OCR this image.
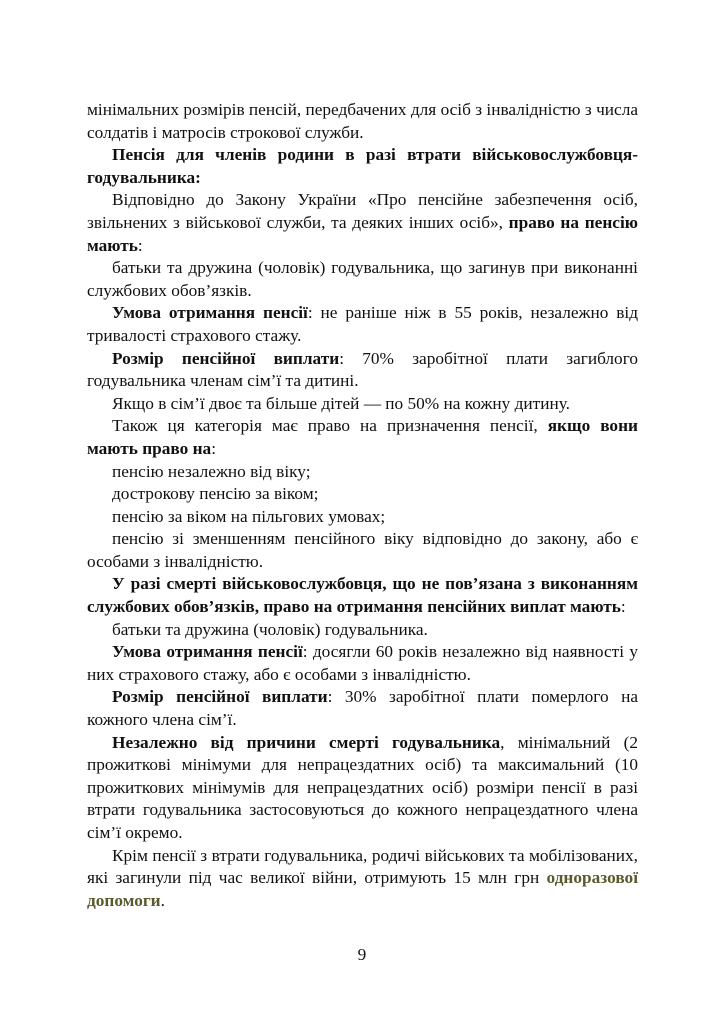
мінімальних розмірів пенсій, передбачених для осіб з інвалідністю з числа солдатів і матросів строкової служби.

Пенсія для членів родини в разі втрати військовослужбовця-годувальника:

Відповідно до Закону України «Про пенсійне забезпечення осіб, звільнених з військової служби, та деяких інших осіб», право на пенсію мають:

батьки та дружина (чоловік) годувальника, що загинув при виконанні службових обов’язків.

Умова отримання пенсії: не раніше ніж в 55 років, незалежно від тривалості страхового стажу.

Розмір пенсійної виплати: 70% заробітної плати загиблого годувальника членам сім’ї та дитині.

Якщо в сім’ї двоє та більше дітей — по 50% на кожну дитину.

Також ця категорія має право на призначення пенсії, якщо вони мають право на:

пенсію незалежно від віку;

дострокову пенсію за віком;

пенсію за віком на пільгових умовах;

пенсію зі зменшенням пенсійного віку відповідно до закону, або є особами з інвалідністю.

У разі смерті військовослужбовця, що не пов’язана з виконанням службових обов’язків, право на отримання пенсійних виплат мають:

батьки та дружина (чоловік) годувальника.

Умова отримання пенсії: досягли 60 років незалежно від наявності у них страхового стажу, або є особами з інвалідністю.

Розмір пенсійної виплати: 30% заробітної плати померлого на кожного члена сім’ї.

Незалежно від причини смерті годувальника, мінімальний (2 прожиткові мінімуми для непрацездатних осіб) та максимальний (10 прожиткових мінімумів для непрацездатних осіб) розміри пенсії в разі втрати годувальника застосовуються до кожного непрацездатного члена сім’ї окремо.

Крім пенсії з втрати годувальника, родичі військових та мобілізованих, які загинули під час великої війни, отримують 15 млн грн одноразової допомоги.

9
